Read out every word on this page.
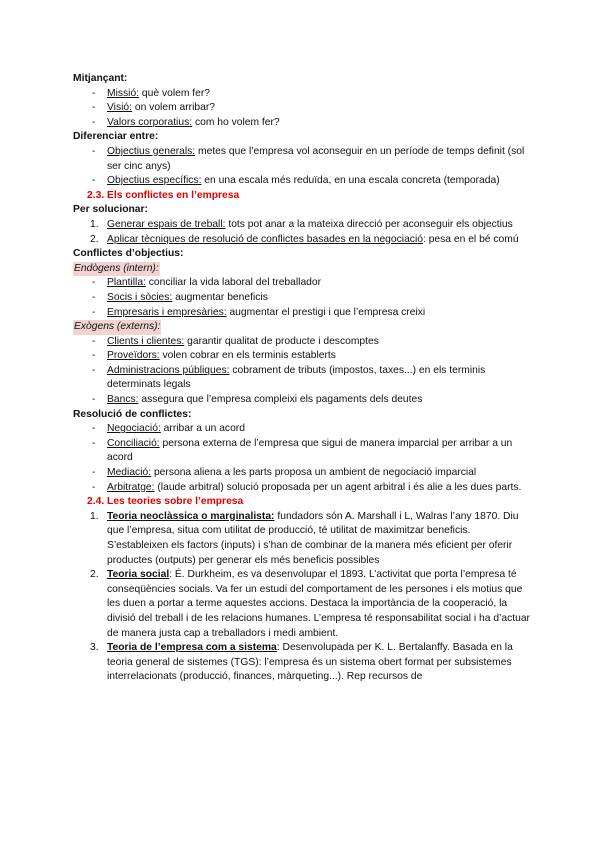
Mitjançant:
- Missió: què volem fer?
- Visió: on volem arribar?
- Valors corporatius: com ho volem fer?
Diferenciar entre:
- Objectius generals: metes que l’empresa vol aconseguir en un període de temps definit (sol ser cinc anys)
- Objectius específics: en una escala més reduïda, en una escala concreta (temporada)
2.3. Els conflictes en l’empresa
Per solucionar:
1. Generar espais de treball: tots pot anar a la mateixa direcció per aconseguir els objectius
2. Aplicar tècniques de resolució de conflictes basades en la negociació: pesa en el bé comú
Conflictes d’objectius:
Endògens (intern):
- Plantilla: conciliar la vida laboral del treballador
- Socis i sòcies: augmentar beneficis
- Empresaris i empresàries: augmentar el prestigi i que l’empresa creixi
Exògens (externs):
- Clients i clientes: garantir qualitat de producte i descomptes
- Proveïdors: volen cobrar en els terminis establerts
- Administracions públiques: cobrament de tributs (impostos, taxes...) en els terminis determinats legals
- Bancs: assegura que l’empresa compleixi els pagaments dels deutes
Resolució de conflictes:
- Negociació: arribar a un acord
- Conciliació: persona externa de l’empresa que sigui de manera imparcial per arribar a un acord
- Mediació: persona aliena a les parts proposa un ambient de negociació imparcial
- Arbitratge: (laude arbitral) solució proposada per un agent arbitral i és alie a les dues parts.
2.4. Les teories sobre l’empresa
1. Teoria neoclàssica o marginalista: fundadors són A. Marshall i L, Walras l’any 1870. Diu que l’empresa, situa com utilitat de producció, té utilitat de maximitzar beneficis. S’estableixen els factors (inputs) i s’han de combinar de la manera més eficient per oferir productes (outputs) per generar els més beneficis possibles
2. Teoria social: É. Durkheim, es va desenvolupar el 1893. L’activitat que porta l’empresa té conseqüències socials. Va fer un estudi del comportament de les persones i els motius que les duen a portar a terme aquestes accions. Destaca la importància de la cooperació, la divisió del treball i de les relacions humanes. L’empresa té responsabilitat social i ha d’actuar de manera justa cap a treballadors i medi ambient.
3. Teoria de l’empresa com a sistema: Desenvolupada per K. L. Bertalanffy. Basada en la teoria general de sistemes (TGS): l’empresa és un sistema obert format per subsistemes interrelacionats (producció, finances, màrqueting...). Rep recursos de
